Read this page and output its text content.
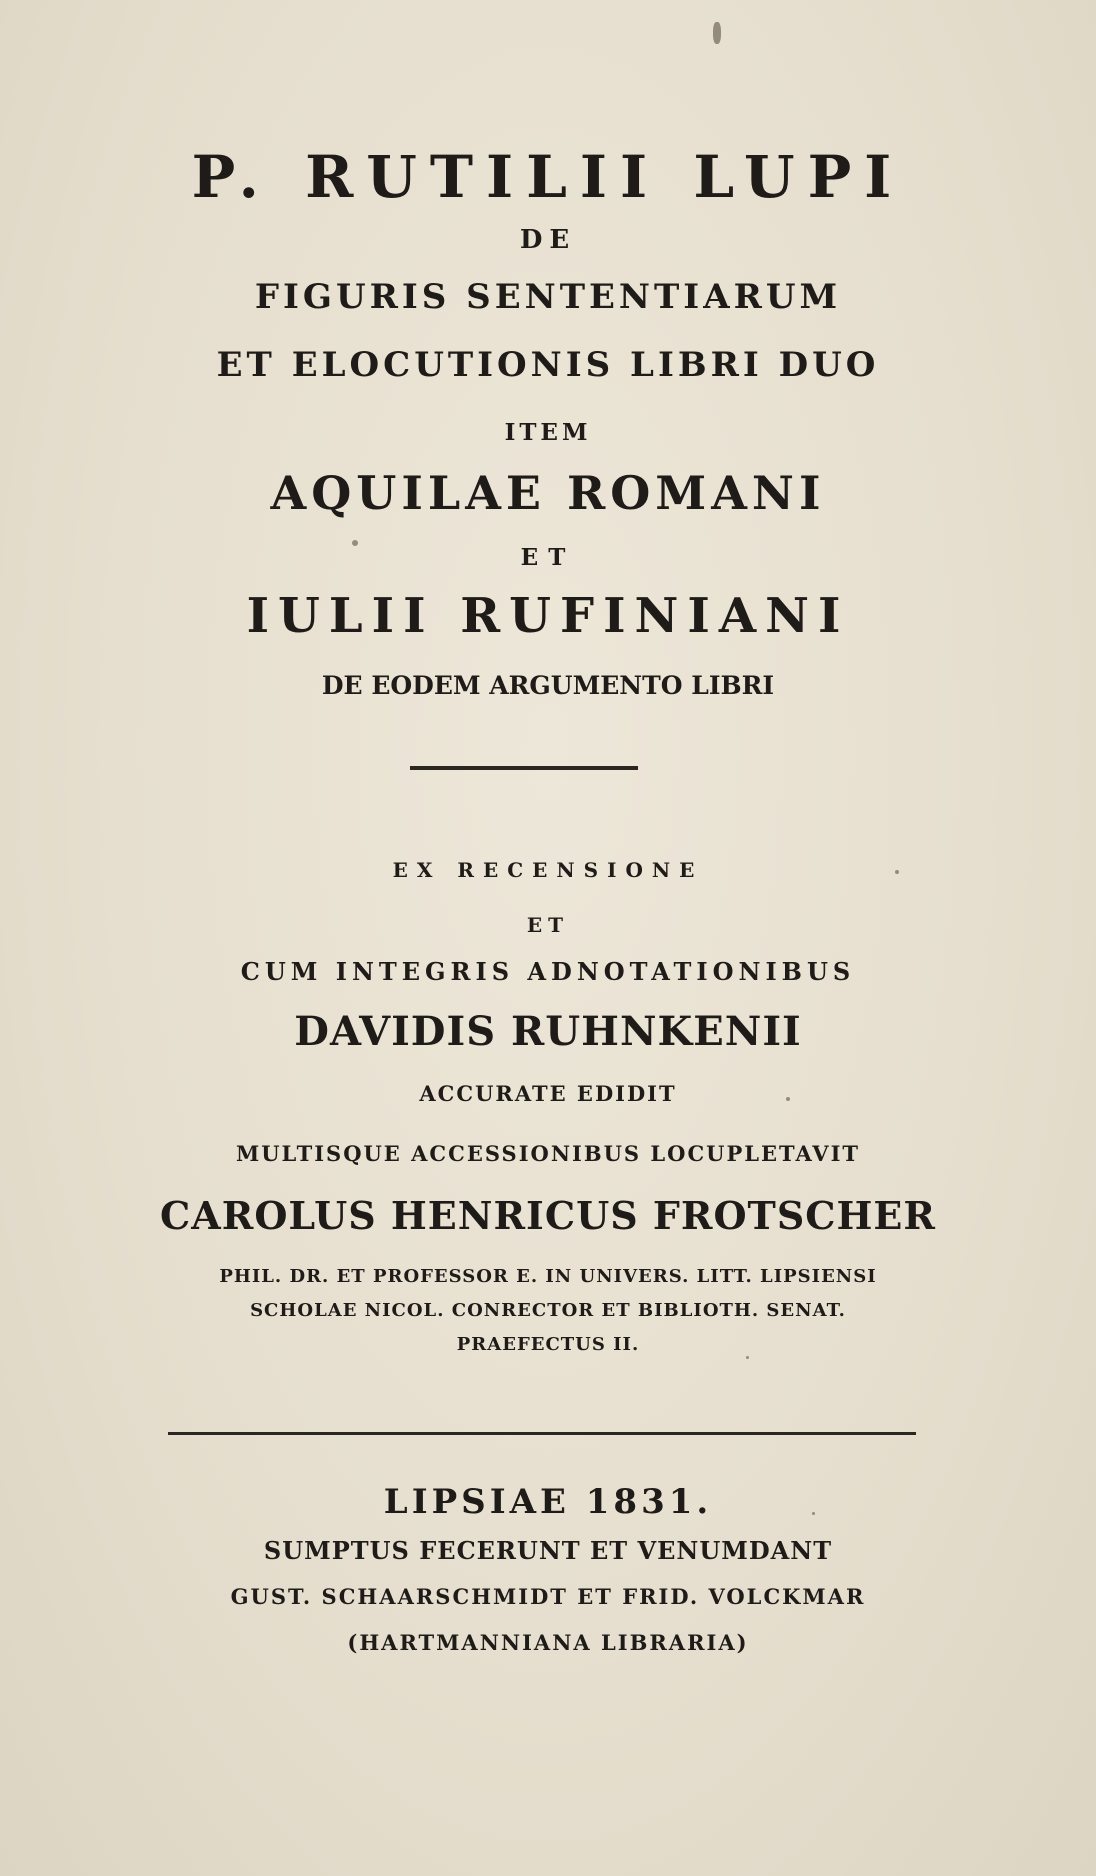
P. RUTILII LUPI
DE
FIGURIS SENTENTIARUM
ET ELOCUTIONIS LIBRI DUO
ITEM
AQUILAE ROMANI
ET
IULII RUFINIANI
DE EODEM ARGUMENTO LIBRI
EX RECENSIONE
ET
CUM INTEGRIS ADNOTATIONIBUS
DAVIDIS RUHNKENII
ACCURATE EDIDIT
MULTISQUE ACCESSIONIBUS LOCUPLETAVIT
CAROLUS HENRICUS FROTSCHER
PHIL. DR. ET PROFESSOR E. IN UNIVERS. LITT. LIPSIENSI
SCHOLAE NICOL. CONRECTOR ET BIBLIOTH. SENAT.
PRAEFECTUS II.
LIPSIAE 1831.
SUMPTUS FECERUNT ET VENUMDANT
GUST. SCHAARSCHMIDT ET FRID. VOLCKMAR
(HARTMANNIANA LIBRARIA)
